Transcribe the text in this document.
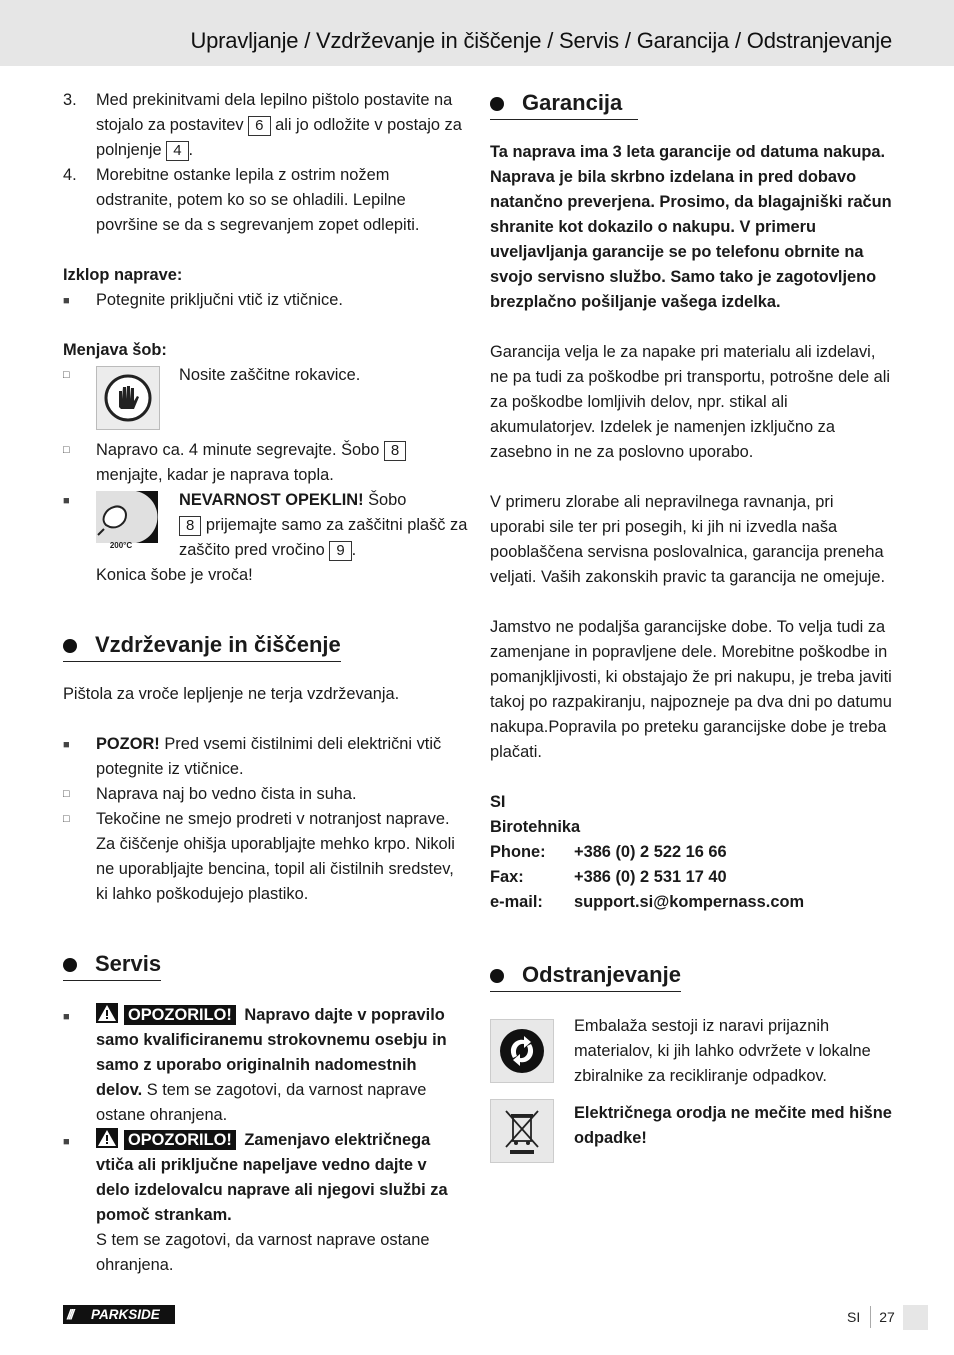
Upravljanje / Vzdrževanje in čiščenje / Servis / Garancija / Odstranjevanje
3. Med prekinitvami dela lepilno pištolo postavite na stojalo za postavitev 6 ali jo odložite v postajo za polnjenje 4 .
4. Morebitne ostanke lepila z ostrim nožem odstranite, potem ko so se ohladili. Lepilne površine se da s segrevanjem zopet odlepiti.
Izklop naprave:
■ Potegnite priključni vtič iz vtičnice.
Menjava šob:
□	Nosite zaščitne rokavice.
□ Napravo ca. 4 minute segrevajte. Šobo 8 menjajte, kadar je naprava topla.
■
200°C
NEVARNOST OPEKLIN! Šobo
8 prijemajte samo za zaščitni plašč za zaščito pred vročino 9 .
Konica šobe je vroča!
Vzdrževanje in čiščenje
Pištola za vroče lepljenje ne terja vzdrževanja.
■ POZOR! Pred vsemi čistilnimi deli električni vtič potegnite iz vtičnice.
□ Naprava naj bo vedno čista in suha.
□ Tekočine ne smejo prodreti v notranjost naprave. Za čiščenje ohišja uporabljajte mehko krpo. Nikoli ne uporabljajte bencina, topil ali čistilnih sredstev, ki lahko poškodujejo plastiko.
Servis
■	OPOZORILO! Napravo dajte v popravilo samo kvalificiranemu strokovnemu osebju in samo z uporabo originalnih nadomestnih delov. S tem se zagotovi, da varnost naprave ostane ohranjena.
■	OPOZORILO! Zamenjavo električnega vtiča ali priključne napeljave vedno dajte v delo izdelovalcu naprave ali njegovi službi za pomoč strankam.
S tem se zagotovi, da varnost naprave ostane ohranjena.
Garancija
Ta naprava ima 3 leta garancije od datuma nakupa. Naprava je bila skrbno izdelana in pred dobavo natančno preverjena. Prosimo, da blagajniški račun shranite kot dokazilo o nakupu. V primeru uveljavljanja garancije se po telefonu obrnite na svojo servisno službo. Samo tako je zagotovljeno brezplačno pošiljanje vašega izdelka.
Garancija velja le za napake pri materialu ali izdelavi, ne pa tudi za poškodbe pri transportu, potrošne dele ali za poškodbe lomljivih delov, npr. stikal ali akumulatorjev. Izdelek je namenjen izključno za zasebno in ne za poslovno uporabo.
V primeru zlorabe ali nepravilnega ravnanja, pri uporabi sile ter pri posegih, ki jih ni izvedla naša pooblaščena servisna poslovalnica, garancija preneha veljati. Vaših zakonskih pravic ta garancija ne omejuje.
Jamstvo ne podaljša garancijske dobe. To velja tudi za zamenjane in popravljene dele. Morebitne poškodbe in pomanjkljivosti, ki obstajajo že pri nakupu, je treba javiti takoj po razpakiranju, najpozneje pa dva dni po datumu nakupa.Popravila po preteku garancijske dobe je treba plačati.
SI
Birotehnika
Phone: +386 (0) 2 522 16 66
Fax:	+386 (0) 2 531 17 40
e-mail: support.si@kompernass.com
Odstranjevanje
Embalaža sestoji iz naravi prijaznih materialov, ki jih lahko odvržete v lokalne zbiralnike za recikliranje odpadkov.
Električnega orodja ne mečite med hišne odpadke!
/// PARKSIDE	SI 27
